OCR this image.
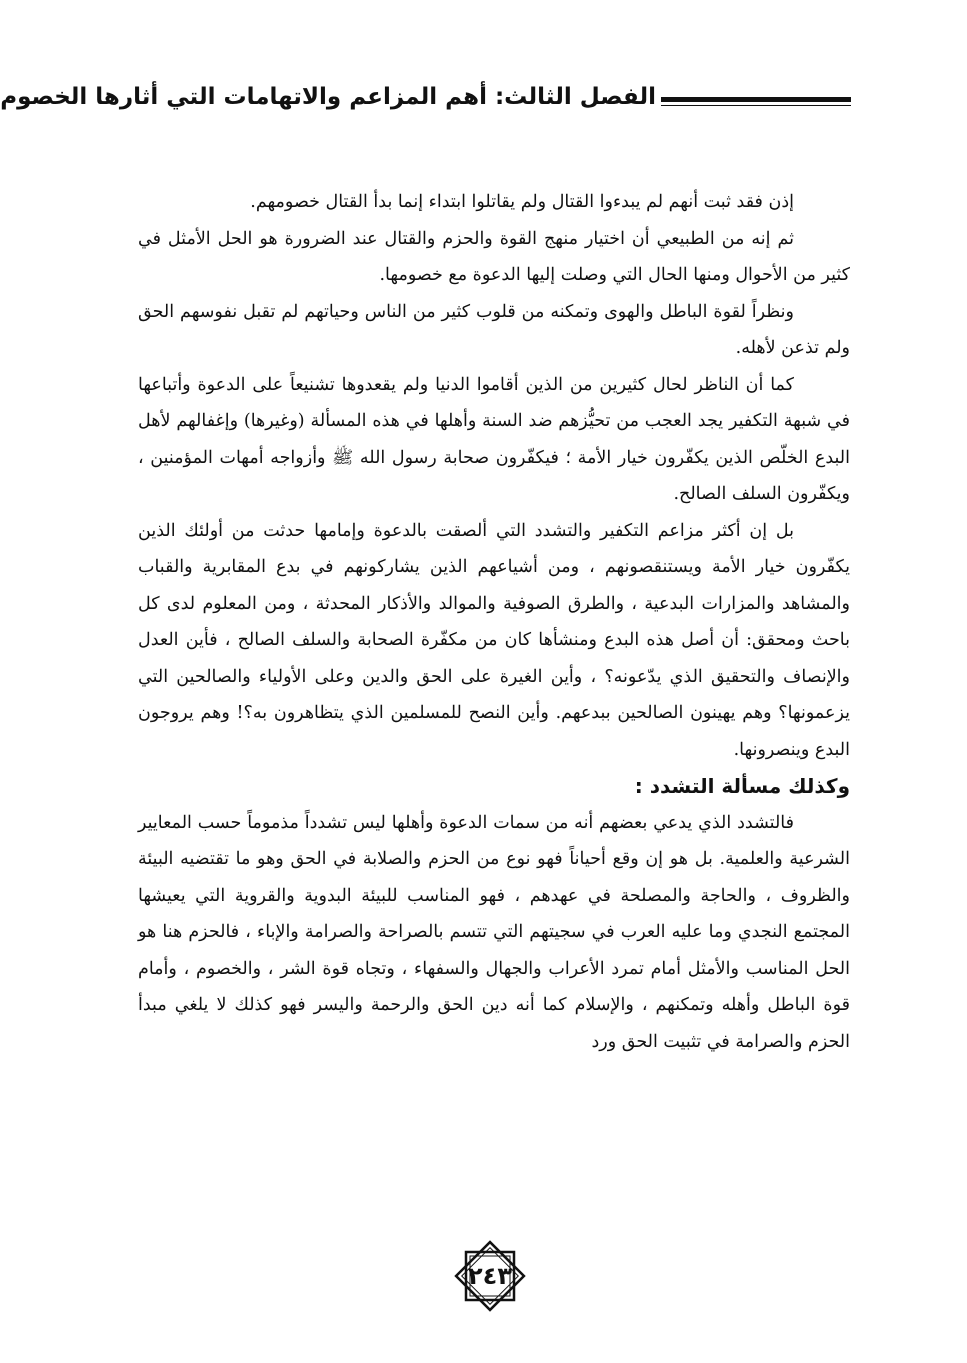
الفصل الثالث: أهم المزاعم والاتهامات التي أثارها الخصوم

إذن فقد ثبت أنهم لم يبدءوا القتال ولم يقاتلوا ابتداء إنما بدأ القتال خصومهم.

ثم إنه من الطبيعي أن اختيار منهج القوة والحزم والقتال عند الضرورة هو الحل الأمثل في كثير من الأحوال ومنها الحال التي وصلت إليها الدعوة مع خصومها.

ونظراً لقوة الباطل والهوى وتمكنه من قلوب كثير من الناس وحياتهم لم تقبل نفوسهم الحق ولم تذعن لأهله.

كما أن الناظر لحال كثيرين من الذين أقاموا الدنيا ولم يقعدوها تشنيعاً على الدعوة وأتباعها في شبهة التكفير يجد العجب من تحيُّزهم ضد السنة وأهلها في هذه المسألة (وغيرها) وإغفالهم لأهل البدع الخلّص الذين يكفّرون خيار الأمة ؛ فيكفّرون صحابة رسول الله ﷺ وأزواجه أمهات المؤمنين ، ويكفّرون السلف الصالح.

بل إن أكثر مزاعم التكفير والتشدد التي ألصقت بالدعوة وإمامها حدثت من أولئك الذين يكفّرون خيار الأمة ويستنقصونهم ، ومن أشياعهم الذين يشاركونهم في بدع المقابرية والقباب والمشاهد والمزارات البدعية ، والطرق الصوفية والموالد والأذكار المحدثة ، ومن المعلوم لدى كل باحث ومحقق: أن أصل هذه البدع ومنشأها كان من مكفّرة الصحابة والسلف الصالح ، فأين العدل والإنصاف والتحقيق الذي يدّعونه؟ ، وأين الغيرة على الحق والدين وعلى الأولياء والصالحين التي يزعمونها؟ وهم يهينون الصالحين ببدعهم. وأين النصح للمسلمين الذي يتظاهرون به؟! وهم يروجون البدع وينصرونها.

وكذلك مسألة التشدد :

فالتشدد الذي يدعي بعضهم أنه من سمات الدعوة وأهلها ليس تشدداً مذموماً حسب المعايير الشرعية والعلمية. بل هو إن وقع أحياناً فهو نوع من الحزم والصلابة في الحق وهو ما تقتضيه البيئة والظروف ، والحاجة والمصلحة في عهدهم ، فهو المناسب للبيئة البدوية والقروية التي يعيشها المجتمع النجدي وما عليه العرب في سجيتهم التي تتسم بالصراحة والصرامة والإباء ، فالحزم هنا هو الحل المناسب والأمثل أمام تمرد الأعراب والجهال والسفهاء ، وتجاه قوة الشر ، والخصوم ، وأمام قوة الباطل وأهله وتمكنهم ، والإسلام كما أنه دين الحق والرحمة واليسر فهو كذلك لا يلغي مبدأ الحزم والصرامة في تثبيت الحق ورد

٢٤٣
